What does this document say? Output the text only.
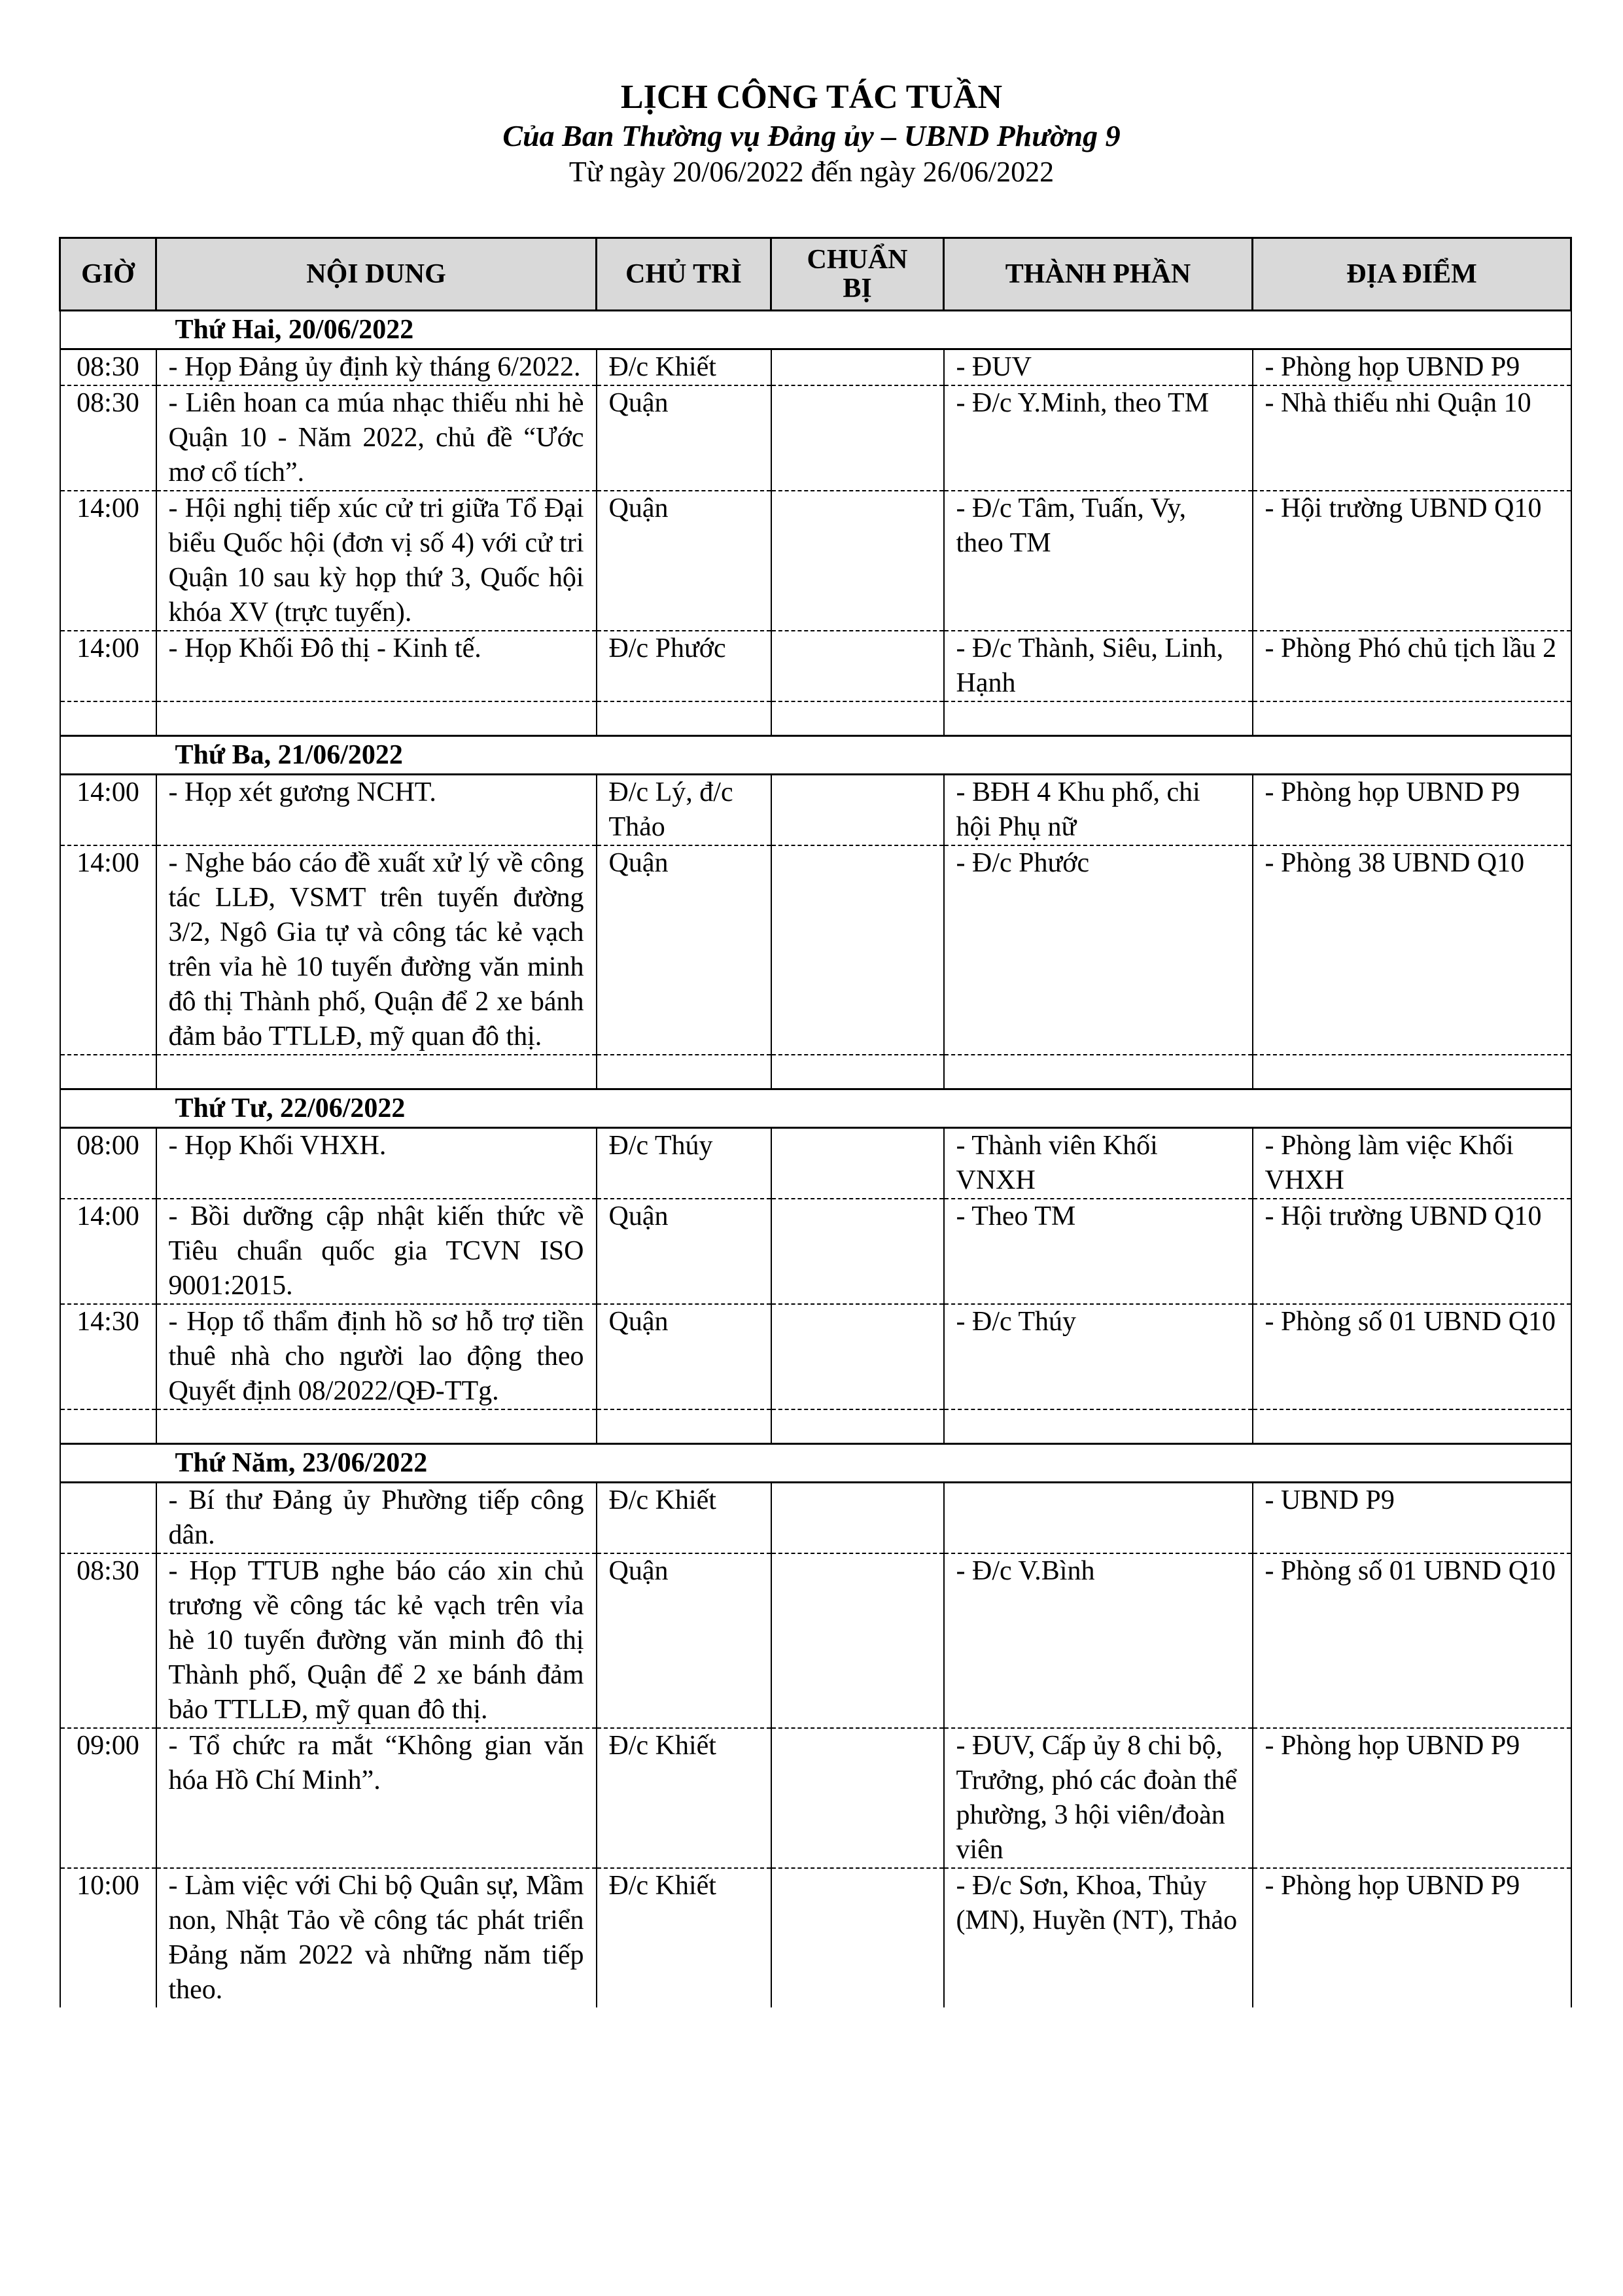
LỊCH CÔNG TÁC TUẦN
Của Ban Thường vụ Đảng ủy – UBND Phường 9
Từ ngày 20/06/2022 đến ngày 26/06/2022
GIỜ	NỘI DUNG	CHỦ TRÌ	CHUẨN BỊ	THÀNH PHẦN	ĐỊA ĐIỂM
Thứ Hai, 20/06/2022					
08:30	- Họp Đảng ủy định kỳ tháng 6/2022.	Đ/c Khiết		- ĐUV	- Phòng họp UBND P9
08:30	- Liên hoan ca múa nhạc thiếu nhi hè Quận 10 - Năm 2022, chủ đề “Ước mơ cổ tích”.	Quận		- Đ/c Y.Minh, theo TM	- Nhà thiếu nhi Quận 10
14:00	- Hội nghị tiếp xúc cử tri giữa Tổ Đại biểu Quốc hội (đơn vị số 4) với cử tri Quận 10 sau kỳ họp thứ 3, Quốc hội khóa XV (trực tuyến).	Quận		- Đ/c Tâm, Tuấn, Vy, theo TM	- Hội trường UBND Q10
14:00	- Họp Khối Đô thị - Kinh tế.	Đ/c Phước		- Đ/c Thành, Siêu, Linh, Hạnh	- Phòng Phó chủ tịch lầu 2

Thứ Ba, 21/06/2022					
14:00	- Họp xét gương NCHT.	Đ/c Lý, đ/c Thảo		- BĐH 4 Khu phố, chi hội Phụ nữ	- Phòng họp UBND P9
14:00	- Nghe báo cáo đề xuất xử lý về công tác LLĐ, VSMT trên tuyến đường 3/2, Ngô Gia tự và công tác kẻ vạch trên vỉa hè 10 tuyến đường văn minh đô thị Thành phố, Quận để 2 xe bánh đảm bảo TTLLĐ, mỹ quan đô thị.	Quận		- Đ/c Phước	- Phòng 38 UBND Q10

Thứ Tư, 22/06/2022					
08:00	- Họp Khối VHXH.	Đ/c Thúy		- Thành viên Khối VNXH	- Phòng làm việc Khối VHXH
14:00	- Bồi dưỡng cập nhật kiến thức về Tiêu chuẩn quốc gia TCVN ISO 9001:2015.	Quận		- Theo TM	- Hội trường UBND Q10
14:30	- Họp tổ thẩm định hồ sơ hỗ trợ tiền thuê nhà cho người lao động theo Quyết định 08/2022/QĐ-TTg.	Quận		- Đ/c Thúy	- Phòng số 01 UBND Q10

Thứ Năm, 23/06/2022					
	- Bí thư Đảng ủy Phường tiếp công dân.	Đ/c Khiết			- UBND P9
08:30	- Họp TTUB nghe báo cáo xin chủ trương về công tác kẻ vạch trên vỉa hè 10 tuyến đường văn minh đô thị Thành phố, Quận để 2 xe bánh đảm bảo TTLLĐ, mỹ quan đô thị.	Quận		- Đ/c V.Bình	- Phòng số 01 UBND Q10
09:00	- Tổ chức ra mắt “Không gian văn hóa Hồ Chí Minh”.	Đ/c Khiết		- ĐUV, Cấp ủy 8 chi bộ, Trưởng, phó các đoàn thể phường, 3 hội viên/đoàn viên	- Phòng họp UBND P9
10:00	- Làm việc với Chi bộ Quân sự, Mầm non, Nhật Tảo về công tác phát triển Đảng năm 2022 và những năm tiếp theo.	Đ/c Khiết		- Đ/c Sơn, Khoa, Thủy (MN), Huyền (NT), Thảo	- Phòng họp UBND P9
